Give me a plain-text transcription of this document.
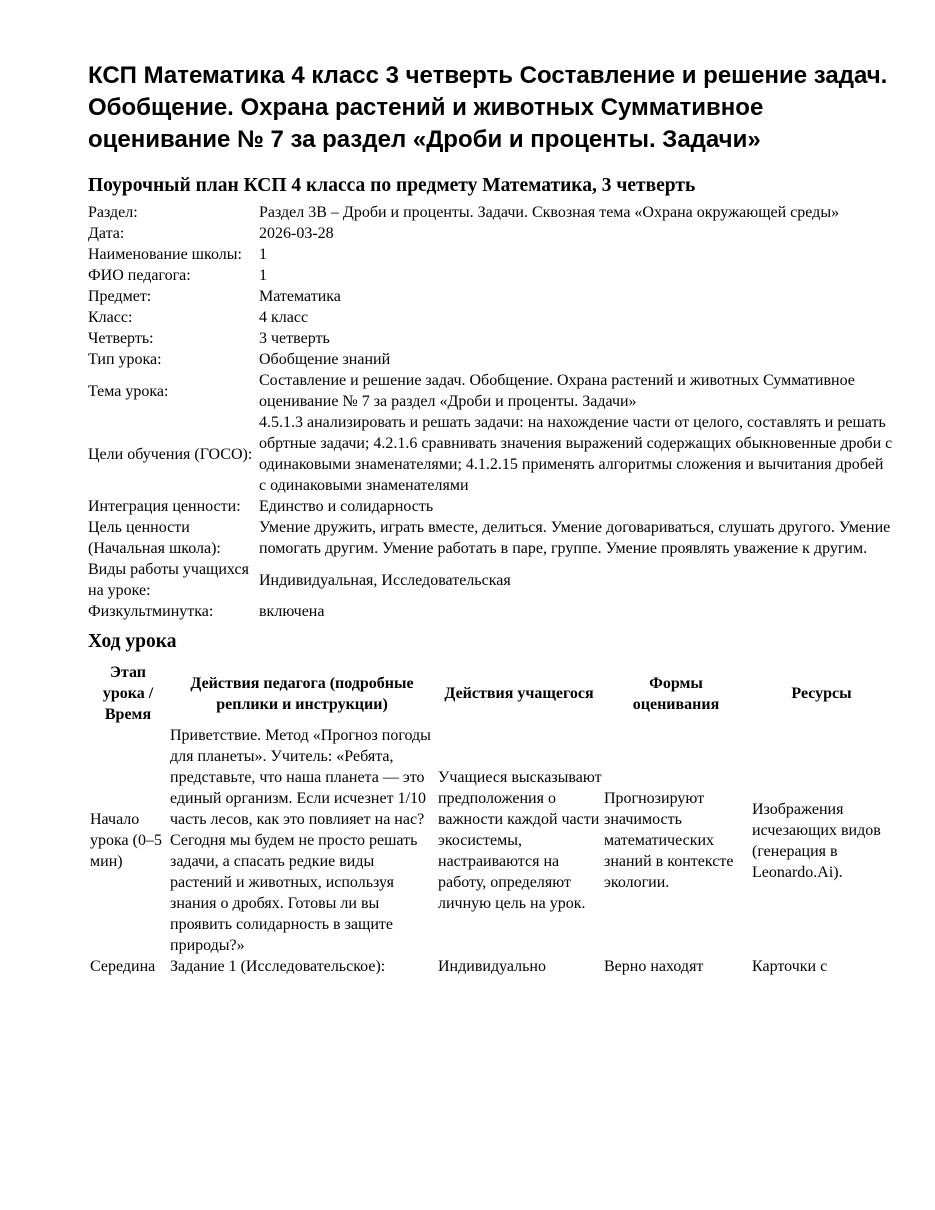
КСП Математика 4 класс 3 четверть Составление и решение задач. Обобщение. Охрана растений и животных Суммативное оценивание № 7 за раздел «Дроби и проценты. Задачи»
Поурочный план КСП 4 класса по предмету Математика, 3 четверть
Раздел:	Раздел 3В – Дроби и проценты. Задачи. Сквозная тема «Охрана окружающей среды»
Дата:	2026-03-28
Наименование школы:	1
ФИО педагога:	1
Предмет:	Математика
Класс:	4 класс
Четверть:	3 четверть
Тип урока:	Обобщение знаний
Тема урока:	Составление и решение задач. Обобщение. Охрана растений и животных Суммативное оценивание № 7 за раздел «Дроби и проценты. Задачи»
Цели обучения (ГОСО):	4.5.1.3 анализировать и решать задачи: на нахождение части от целого, составлять и решать обртные задачи; 4.2.1.6 сравнивать значения выражений содержащих обыкновенные дроби с одинаковыми знаменателями; 4.1.2.15 применять алгоритмы сложения и вычитания дробей с одинаковыми знаменателями
Интеграция ценности:	Единство и солидарность
Цель ценности (Начальная школа):	Умение дружить, играть вместе, делиться. Умение договариваться, слушать другого. Умение помогать другим. Умение работать в паре, группе. Умение проявлять уважение к другим.
Виды работы учащихся на уроке:	Индивидуальная, Исследовательская
Физкультминутка:	включена
Ход урока
Этап урока / Время	Действия педагога (подробные реплики и инструкции)	Действия учащегося	Формы оценивания	Ресурсы
Начало урока (0–5 мин)	Приветствие. Метод «Прогноз погоды для планеты». Учитель: «Ребята, представьте, что наша планета — это единый организм. Если исчезнет 1/10 часть лесов, как это повлияет на нас? Сегодня мы будем не просто решать задачи, а спасать редкие виды растений и животных, используя знания о дробях. Готовы ли вы проявить солидарность в защите природы?»	Учащиеся высказывают предположения о важности каждой части экосистемы, настраиваются на работу, определяют личную цель на урок.	Прогнозируют значимость математических знаний в контексте экологии.	Изображения исчезающих видов (генерация в Leonardo.Ai).
Середина	Задание 1 (Исследовательское):	Индивидуально	Верно находят	Карточки с
